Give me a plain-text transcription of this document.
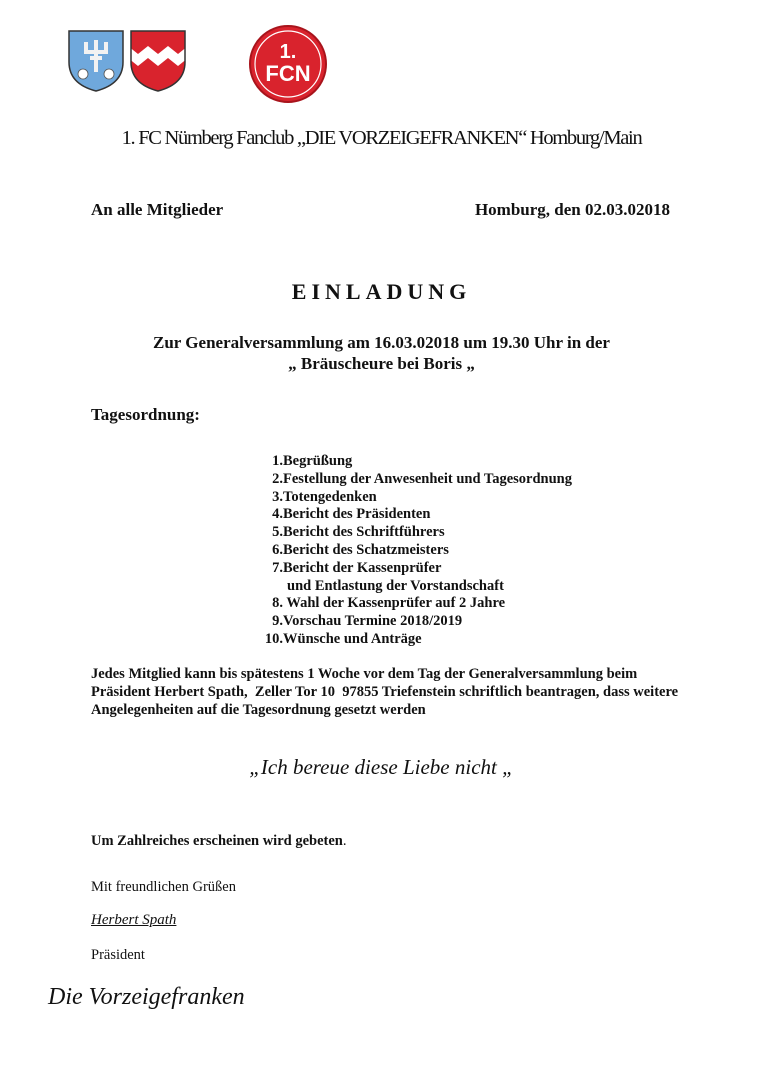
1.
FCN
1. FC Nürnberg Fanclub „DIE VORZEIGEFRANKEN“ Homburg/Main
An alle Mitglieder	Homburg, den 02.03.02018
EINLADUNG
Zur Generalversammlung am 16.03.02018 um 19.30 Uhr in der
„ Bräuscheure bei Boris „
Tagesordnung:
1.Begrüßung
2.Festellung der Anwesenheit und Tagesordnung
3.Totengedenken
4.Bericht des Präsidenten
5.Bericht des Schriftführers
6.Bericht des Schatzmeisters
7.Bericht der Kassenprüfer
und Entlastung der Vorstandschaft
8. Wahl der Kassenprüfer auf 2 Jahre
9.Vorschau Termine 2018/2019
10.Wünsche und Anträge
Jedes Mitglied kann bis spätestens 1 Woche vor dem Tag der Generalversammlung beim Präsident Herbert Spath,  Zeller Tor 10  97855 Triefenstein schriftlich beantragen, dass weitere Angelegenheiten auf die Tagesordnung gesetzt werden
„Ich bereue diese Liebe nicht „
Um Zahlreiches erscheinen wird gebeten.
Mit freundlichen Grüßen
Herbert Spath
Präsident
Die Vorzeigefranken
